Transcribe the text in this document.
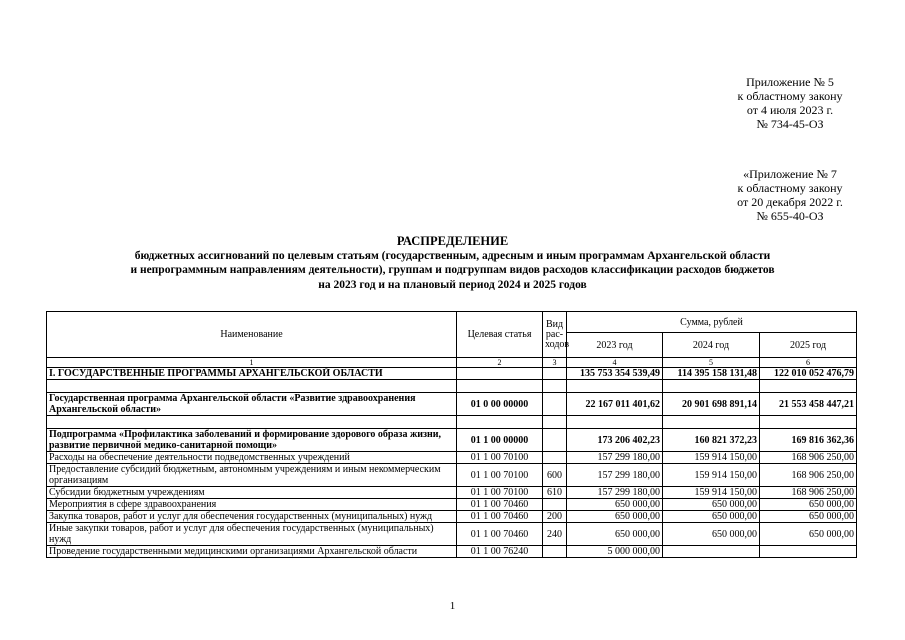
Приложение № 5
к областному закону
от 4 июля 2023 г.
№ 734-45-ОЗ
«Приложение № 7
к областному закону
от 20 декабря 2022 г.
№ 655-40-ОЗ
РАСПРЕДЕЛЕНИЕ
бюджетных ассигнований по целевым статьям (государственным, адресным и иным программам Архангельской области
и непрограммным направлениям деятельности), группам и подгруппам видов расходов классификации расходов бюджетов
на 2023 год и на плановый период 2024 и 2025 годов
Наименование	Целевая статья	Вид рас-ходов	Сумма, рублей		
			2023 год	2024 год	2025 год
1	2	3	4	5	6
I. ГОСУДАРСТВЕННЫЕ ПРОГРАММЫ АРХАНГЕЛЬСКОЙ ОБЛАСТИ			135 753 354 539,49	114 395 158 131,48	122 010 052 476,79

Государственная программа Архангельской области «Развитие здравоохранения Архангельской области»	01 0 00 00000		22 167 011 401,62	20 901 698 891,14	21 553 458 447,21

Подпрограмма «Профилактика заболеваний и формирование здорового образа жизни, развитие первичной медико-санитарной помощи»	01 1 00 00000		173 206 402,23	160 821 372,23	169 816 362,36
Расходы на обеспечение деятельности подведомственных учреждений	01 1 00 70100		157 299 180,00	159 914 150,00	168 906 250,00
Предоставление субсидий бюджетным, автономным учреждениям и иным некоммерческим организациям	01 1 00 70100	600	157 299 180,00	159 914 150,00	168 906 250,00
Субсидии бюджетным учреждениям	01 1 00 70100	610	157 299 180,00	159 914 150,00	168 906 250,00
Мероприятия в сфере здравоохранения	01 1 00 70460		650 000,00	650 000,00	650 000,00
Закупка товаров, работ и услуг для обеспечения государственных (муниципальных) нужд	01 1 00 70460	200	650 000,00	650 000,00	650 000,00
Иные закупки товаров, работ и услуг для обеспечения государственных (муниципальных) нужд	01 1 00 70460	240	650 000,00	650 000,00	650 000,00
Проведение государственными медицинскими организациями Архангельской области	01 1 00 76240		5 000 000,00		
1
